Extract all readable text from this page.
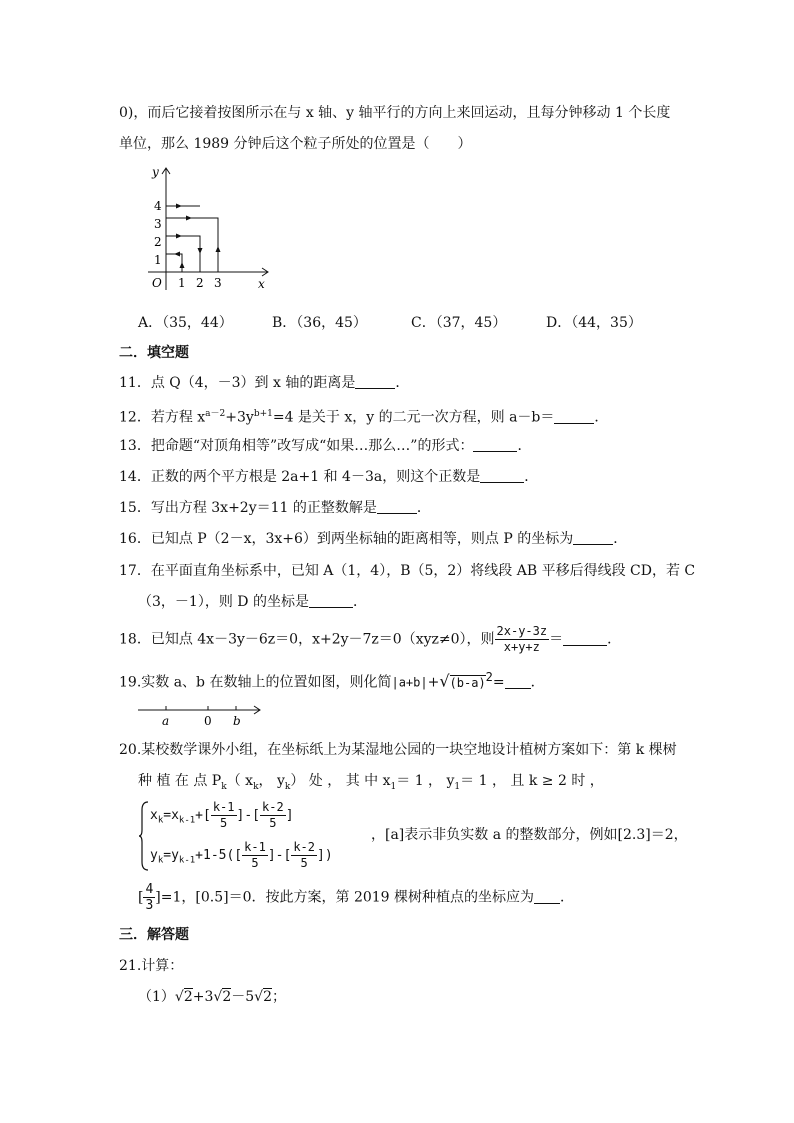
0)，而后它接着按图所示在与 x 轴、y 轴平行的方向上来回运动，且每分钟移动 1 个长度
单位，那么 1989 分钟后这个粒子所处的位置是（　　）
y
4
3
2
1
O 1 2 3	x
A．（35，44）	B．（36，45）	C．（37，45）	D．（44，35）
二．填空题
11．点 Q（4，－3）到 x 轴的距离是	．
12．若方程 $x^{a-2}+3y^{b+1}=4$ 是关于 x，y 的二元一次方程，则 a－b＝	．
13．把命题“对顶角相等”改写成“如果…那么…”的形式：	．
14．正数的两个平方根是 2a+1 和 4－3a，则这个正数是	．
15．写出方程 3x+2y＝11 的正整数解是	．
16．已知点 P（2－x，3x+6）到两坐标轴的距离相等，则点 P 的坐标为	．
17．在平面直角坐标系中，已知 A（1，4），B（5，2）将线段 AB 平移后得线段 CD，若 C
（3，－1），则 D 的坐标是	．
18．已知点 4x－3y－6z＝0，x+2y－7z＝0（xyz≠0），则 $\frac{2x-y-3z}{x+y+z}$ ＝	．
19.实数 a、b 在数轴上的位置如图，则化简$|a+b|+√(b-a)^2=$ ．
a	0 b
20.某校数学课外小组，在坐标纸上为某湿地公园的一块空地设计植树方案如下：第 k 棵树
种 植 在 点 $P_k$（ $x_k$， $y_k$） 处 ， 其 中 $x_1= 1$ ， $y_1= 1$ ， 且 k ≥ 2 时 ，
$x_k=x_{k-1}+[ \frac{k-1}{5}$ ]-[ $\frac{k-2}{5}$ ]
$y_k=y_{k-1}+1-5([ \frac{k-1}{5}$ ]-[ $\frac{k-2}{5}$ ])
，[a]表示非负实数 a 的整数部分，例如[2.3]＝2，
[ $\frac{4}{3} ]=1$，[0.5]＝0．按此方案，第 2019 棵树种植点的坐标应为 ．
三．解答题
21.计算：
（1）√2+3√2－5√2；
